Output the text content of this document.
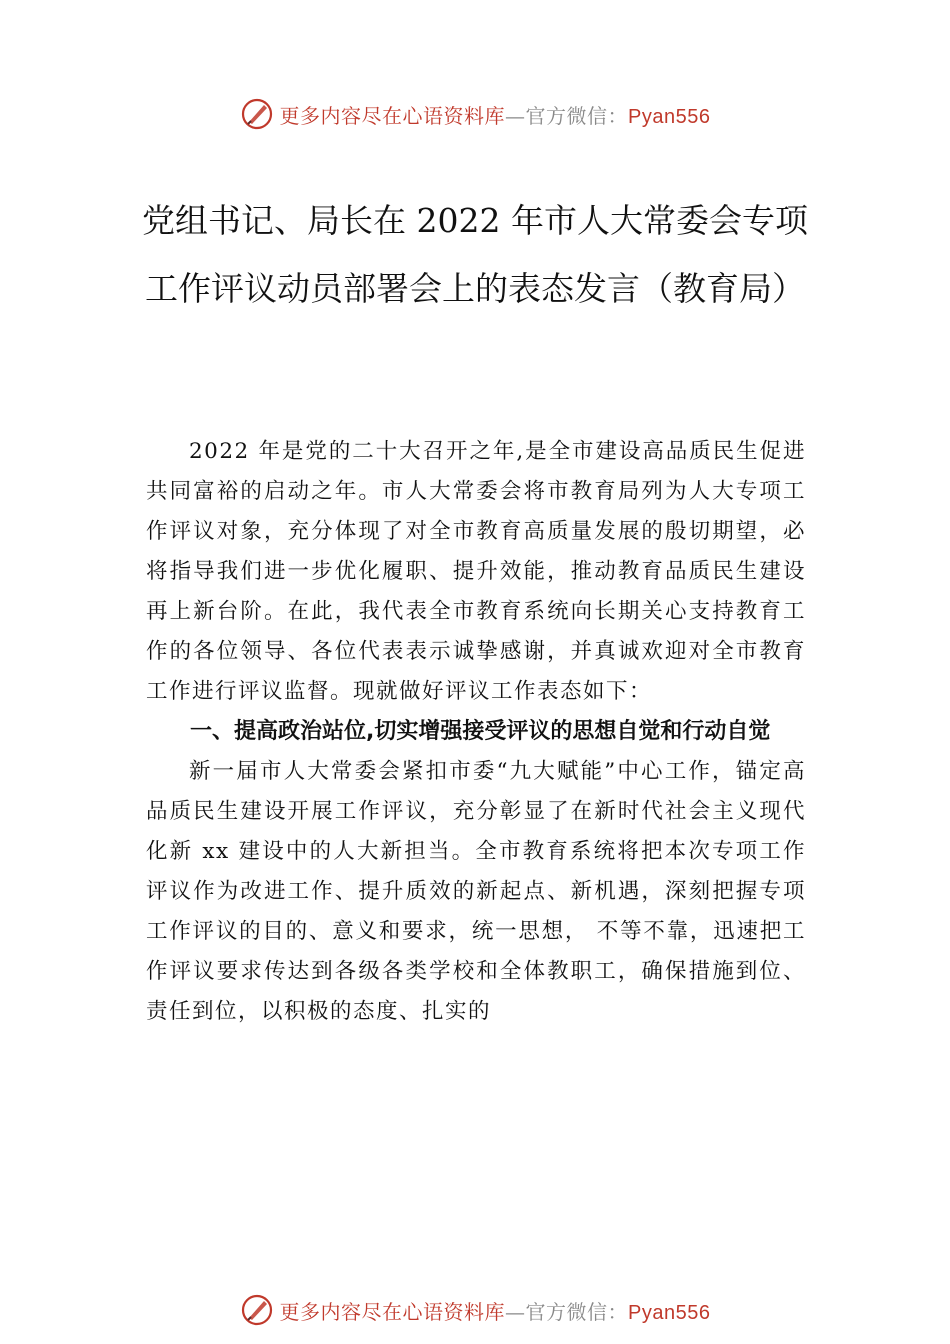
更多内容尽在心语资料库—官方微信：Pyan556
党组书记、局长在 2022 年市人大常委会专项工作评议动员部署会上的表态发言（教育局）

2022 年是党的二十大召开之年,是全市建设高品质民生促进共同富裕的启动之年。市人大常委会将市教育局列为人大专项工作评议对象，充分体现了对全市教育高质量发展的殷切期望，必将指导我们进一步优化履职、提升效能，推动教育品质民生建设再上新台阶。在此，我代表全市教育系统向长期关心支持教育工作的各位领导、各位代表表示诚挚感谢，并真诚欢迎对全市教育工作进行评议监督。现就做好评议工作表态如下：

一、提高政治站位,切实增强接受评议的思想自觉和行动自觉

新一届市人大常委会紧扣市委“九大赋能”中心工作，锚定高品质民生建设开展工作评议，充分彰显了在新时代社会主义现代化新 xx 建设中的人大新担当。全市教育系统将把本次专项工作评议作为改进工作、提升质效的新起点、新机遇，深刻把握专项工作评议的目的、意义和要求，统一思想， 不等不靠，迅速把工作评议要求传达到各级各类学校和全体教职工，确保措施到位、责任到位，以积极的态度、扎实的

更多内容尽在心语资料库—官方微信：Pyan556
